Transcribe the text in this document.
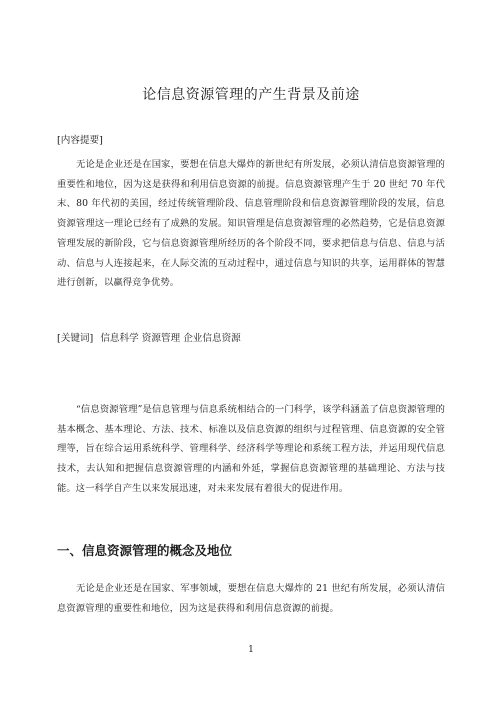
论信息资源管理的产生背景及前途
[内容提要]
无论是企业还是在国家，要想在信息大爆炸的新世纪有所发展，必须认清信息资源管理的重要性和地位，因为这是获得和利用信息资源的前提。信息资源管理产生于 20 世纪 70 年代末、80 年代初的美国，经过传统管理阶段、信息管理阶段和信息资源管理阶段的发展，信息资源管理这一理论已经有了成熟的发展。知识管理是信息资源管理的必然趋势，它是信息资源管理发展的新阶段，它与信息资源管理所经历的各个阶段不同，要求把信息与信息、信息与活动、信息与人连接起来，在人际交流的互动过程中，通过信息与知识的共享，运用群体的智慧进行创新，以赢得竞争优势。
[关键词] 信息科学 资源管理 企业信息资源
“信息资源管理”是信息管理与信息系统相结合的一门科学，该学科涵盖了信息资源管理的基本概念、基本理论、方法、技术、标准以及信息资源的组织与过程管理、信息资源的安全管理等，旨在综合运用系统科学、管理科学、经济科学等理论和系统工程方法，并运用现代信息技术，去认知和把握信息资源管理的内涵和外延，掌握信息资源管理的基础理论、方法与技能。这一科学自产生以来发展迅速，对未来发展有着很大的促进作用。
一、信息资源管理的概念及地位
无论是企业还是在国家、军事领域，要想在信息大爆炸的 21 世纪有所发展，必须认清信息资源管理的重要性和地位，因为这是获得和利用信息资源的前提。
1
